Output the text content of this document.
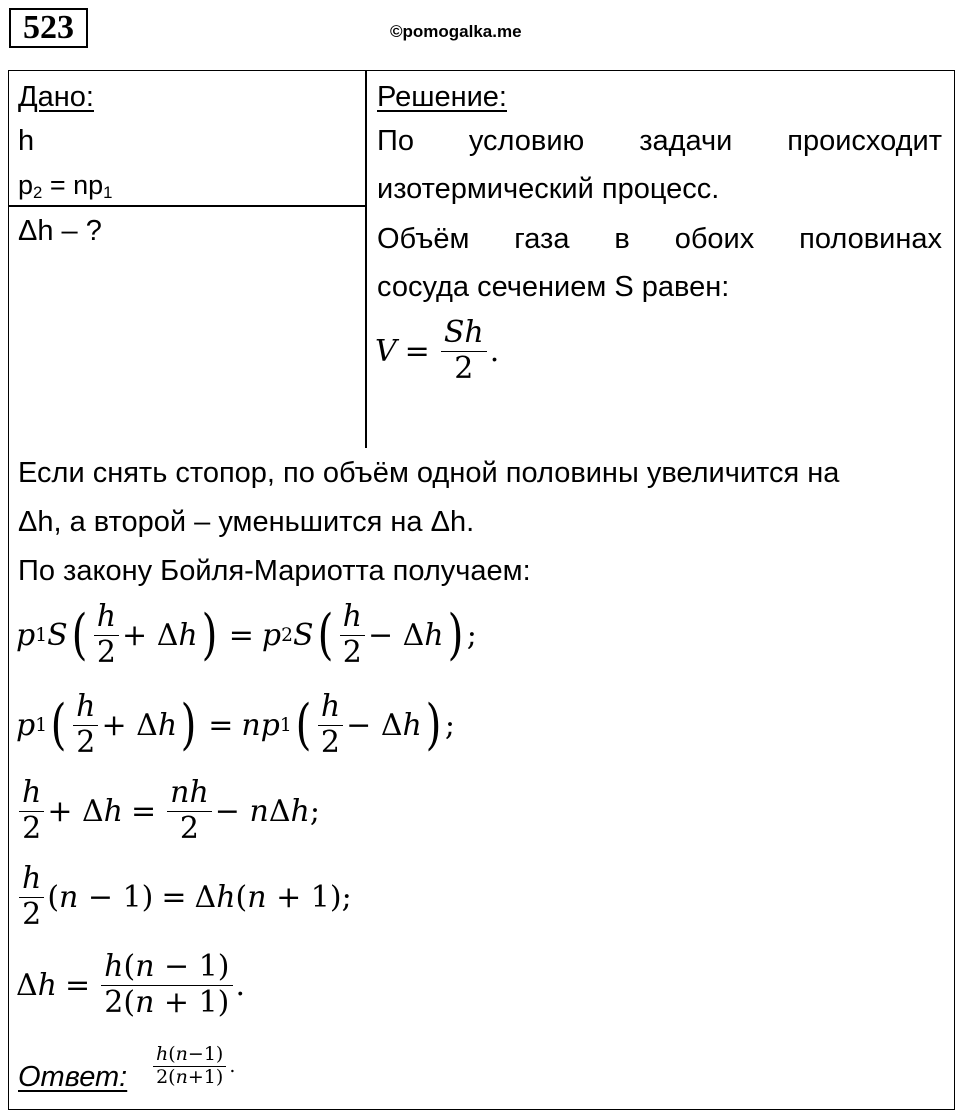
523	©pomogalka.me
Дано:
h
$p_2 = np_1$
Δh – ?
Решение:
По условию задачи происходит
изотермический процесс.
Объём газа в обоих половинах
сосуда сечением S равен:
$V = \frac{Sh}{2}$ .
Если снять стопор, по объём одной половины увеличится на
Δh, а второй – уменьшится на Δh.
По закону Бойля-Мариотта получаем:
p 1 S ( $\frac{h}{2} + \Delta$ h ) = p 2 S ( $\frac{h}{2} - \Delta$ h ) ;
p 1 ( $\frac{h}{2} + \Delta$ h ) = np 1 ( $\frac{h}{2} - \Delta$ h ) ;
$\frac{h}{2} + \Delta$ $h = \frac{nh}{2} - n$ Δ h ;
$\frac{h}{2}$ ( n − 1)
=
Δ h ( n + 1);
Δ $h = \frac{h(n - 1)}{2(n + 1)}$ .
Ответ: $\frac{h(n-1)}{2(n+1)}$ .
